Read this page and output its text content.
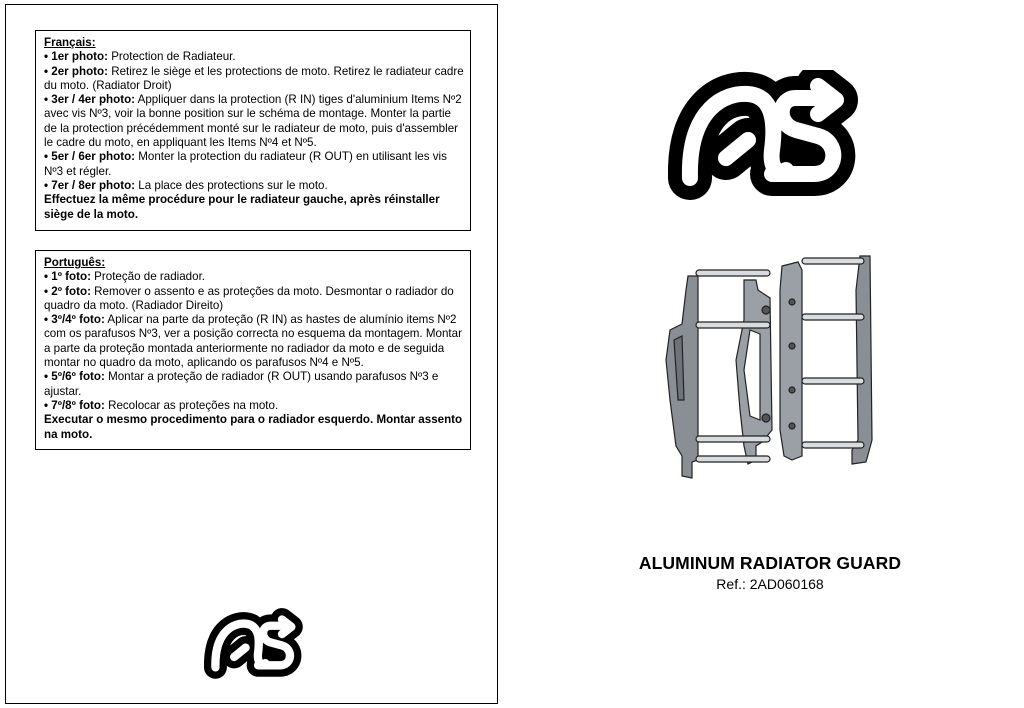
Français:
• 1er photo: Protection de Radiateur.
• 2er photo: Retirez le siège et les protections de moto. Retirez le radiateur cadre du moto. (Radiator Droit)
• 3er / 4er photo: Appliquer dans la protection (R IN) tiges d'aluminium Items Nº2 avec vis Nº3, voir la bonne position sur le schéma de montage. Monter la partie de la protection précédemment monté sur le radiateur de moto, puis d'assembler le cadre du moto, en appliquant les Items Nº4 et Nº5.
• 5er / 6er photo: Monter la protection du radiateur (R OUT) en utilisant les vis Nº3 et régler.
• 7er / 8er photo: La place des protections sur le moto.
Effectuez la même procédure pour le radiateur gauche, après réinstaller siège de la moto.
Português:
• 1º foto: Proteção de radiador.
• 2º foto: Remover o assento e as proteções da moto. Desmontar o radiador do quadro da moto. (Radiador Direito)
• 3º/4º foto: Aplicar na parte da proteção (R IN) as hastes de alumínio items Nº2 com os parafusos Nº3, ver a posição correcta no esquema da montagem. Montar a parte da proteção montada anteriormente no radiador da moto e de seguida montar no quadro da moto, aplicando os parafusos Nº4 e Nº5.
• 5º/6º foto: Montar a proteção de radiador (R OUT) usando parafusos Nº3 e ajustar.
• 7º/8º foto: Recolocar as proteções na moto.
Executar o mesmo procedimento para o radiador esquerdo. Montar assento na moto.
ALUMINUM RADIATOR GUARD
Ref.: 2AD060168
